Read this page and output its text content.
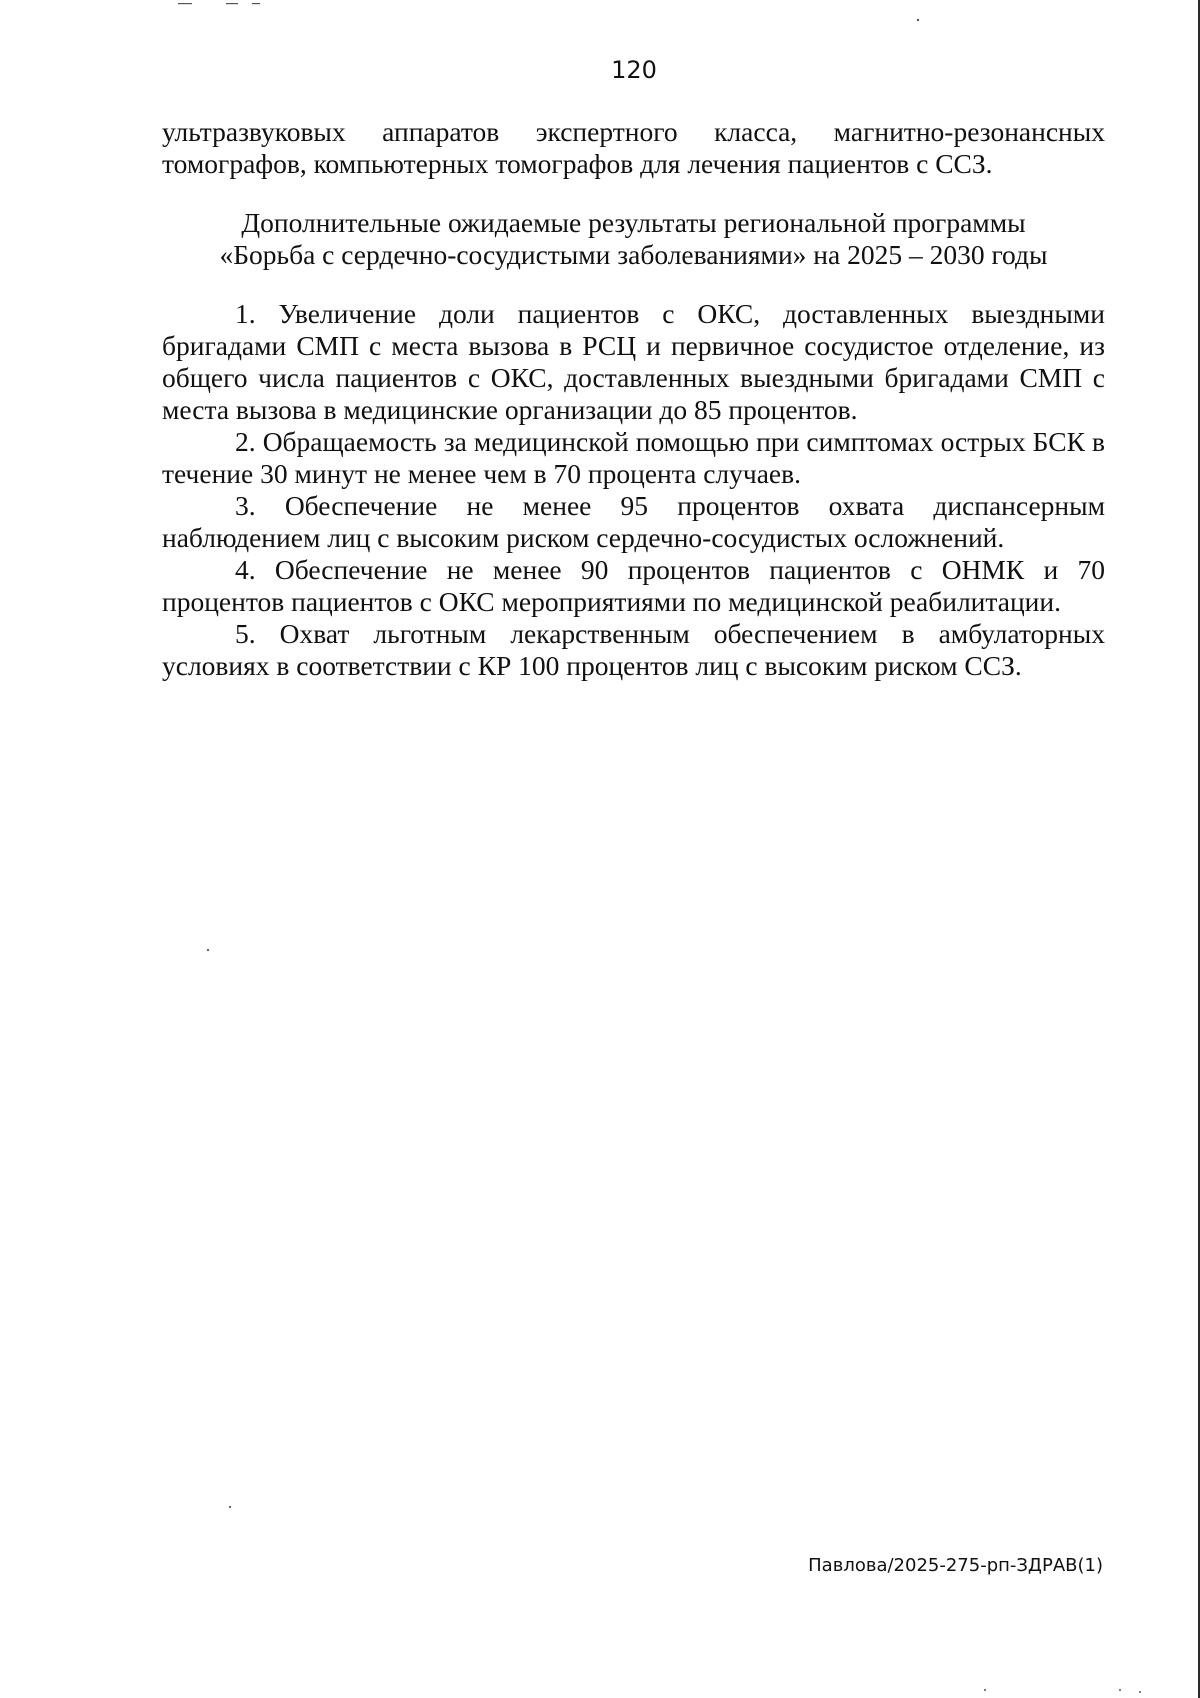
120
ультразвуковых аппаратов экспертного класса, магнитно-резонансных томографов, компьютерных томографов для лечения пациентов с ССЗ.

Дополнительные ожидаемые результаты региональной программы

«Борьба с сердечно-сосудистыми заболеваниями» на 2025 – 2030 годы

1. Увеличение доли пациентов с ОКС, доставленных выездными бригадами СМП с места вызова в РСЦ и первичное сосудистое отделение, из общего числа пациентов с ОКС, доставленных выездными бригадами СМП с места вызова в медицинские организации до 85 процентов.

2. Обращаемость за медицинской помощью при симптомах острых БСК в течение 30 минут не менее чем в 70 процента случаев.

3. Обеспечение не менее 95 процентов охвата диспансерным наблюдением лиц с высоким риском сердечно-сосудистых осложнений.

4. Обеспечение не менее 90 процентов пациентов с ОНМК и 70 процентов пациентов с ОКС мероприятиями по медицинской реабилитации.

5. Охват льготным лекарственным обеспечением в амбулаторных условиях в соответствии с КР 100 процентов лиц с высоким риском ССЗ.

Павлова/2025-275-рп-ЗДРАВ(1)
